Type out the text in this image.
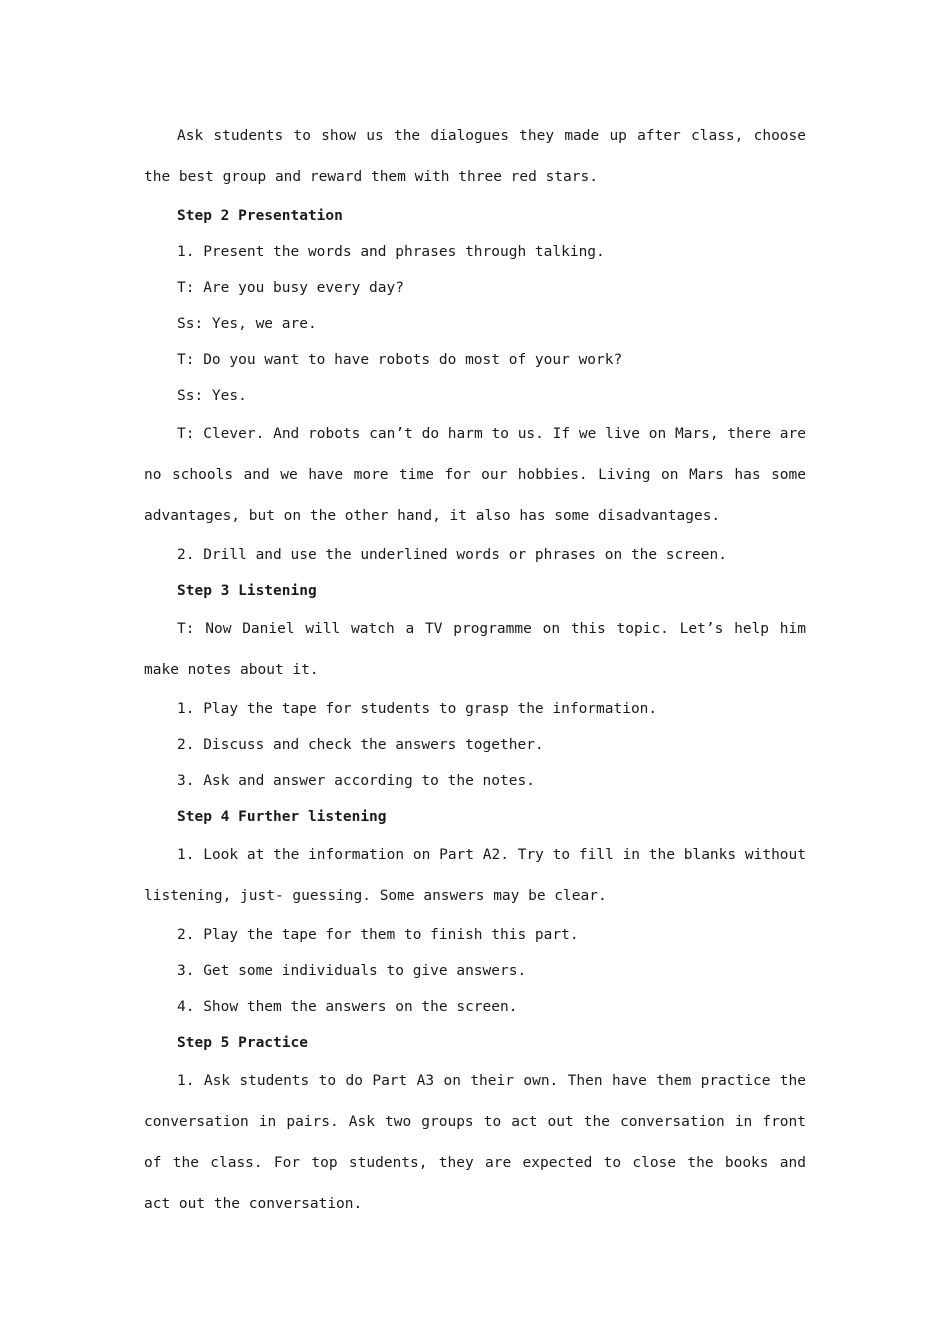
Ask students to show us the dialogues they made up after class, choose the best group and reward them with three red stars.
Step 2 Presentation
1. Present the words and phrases through talking.
T: Are you busy every day?
Ss: Yes, we are.
T: Do you want to have robots do most of your work?
Ss: Yes.
T: Clever. And robots can’t do harm to us. If we live on Mars, there are no schools and we have more time for our hobbies. Living on Mars has some advantages, but on the other hand, it also has some disadvantages.
2. Drill and use the underlined words or phrases on the screen.
Step 3 Listening
T: Now Daniel will watch a TV programme on this topic. Let’s help him make notes about it.
1. Play the tape for students to grasp the information.
2. Discuss and check the answers together.
3. Ask and answer according to the notes.
Step 4 Further listening
1. Look at the information on Part A2. Try to fill in the blanks without listening, just- guessing. Some answers may be clear.
2. Play the tape for them to finish this part.
3. Get some individuals to give answers.
4. Show them the answers on the screen.
Step 5 Practice
1. Ask students to do Part A3 on their own. Then have them practice the conversation in pairs. Ask two groups to act out the conversation in front of the class. For top students, they are expected to close the books and act out the conversation.
